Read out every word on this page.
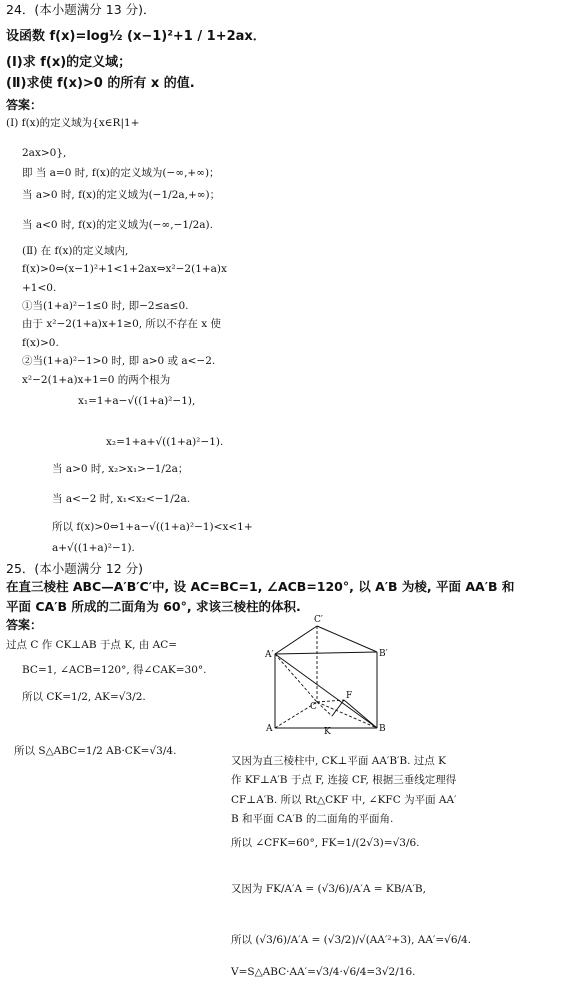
24．(本小题满分 13 分)．
设函数 f(x)=log½ (x−1)²+1 / 1+2ax．
(Ⅰ)求 f(x)的定义域；
(Ⅱ)求使 f(x)>0 的所有 x 的值.
答案：
(Ⅰ) f(x)的定义域为{x∈R|1+
2ax>0},
即 当 a=0 时, f(x)的定义域为(−∞,+∞)；
当 a>0 时, f(x)的定义域为(−1/2a,+∞)；
当 a<0 时, f(x)的定义域为(−∞,−1/2a).
(Ⅱ) 在 f(x)的定义域内,
f(x)>0⇔(x−1)²+1<1+2ax⇔x²−2(1+a)x
+1<0.
①当(1+a)²−1≤0 时, 即−2≤a≤0.
由于 x²−2(1+a)x+1≥0, 所以不存在 x 使
f(x)>0.
②当(1+a)²−1>0 时, 即 a>0 或 a<−2.
x²−2(1+a)x+1=0 的两个根为
x₁=1+a−√((1+a)²−1),
x₂=1+a+√((1+a)²−1).
当 a>0 时, x₂>x₁>−1/2a；
当 a<−2 时, x₁<x₂<−1/2a.
所以 f(x)>0⇔1+a−√((1+a)²−1)<x<1+
a+√((1+a)²−1).
25．(本小题满分 12 分)
在直三棱柱 ABC—A′B′C′中, 设 AC=BC=1, ∠ACB=120°, 以 A′B 为棱, 平面 AA′B 和
平面 CA′B 所成的二面角为 60°, 求该三棱柱的体积.
答案：
过点 C 作 CK⊥AB 于点 K, 由 AC=
BC=1, ∠ACB=120°, 得∠CAK=30°.
所以 CK=1/2, AK=√3/2.
所以 S△ABC=1/2 AB·CK=√3/4.
又因为直三棱柱中, CK⊥平面 AA′B′B. 过点 K
作 KF⊥A′B 于点 F, 连接 CF, 根据三垂线定理得
CF⊥A′B. 所以 Rt△CKF 中, ∠KFC 为平面 AA′
B 和平面 CA′B 的二面角的平面角.
所以 ∠CFK=60°, FK=1/(2√3)=√3/6.
又因为 FK/A′A = (√3/6)/A′A = KB/A′B,
所以 (√3/6)/A′A = (√3/2)/√(AA′²+3), AA′=√6/4.
V=S△ABC·AA′=√3/4·√6/4=3√2/16.
C′
A′	B′
C
F
A	K	B
